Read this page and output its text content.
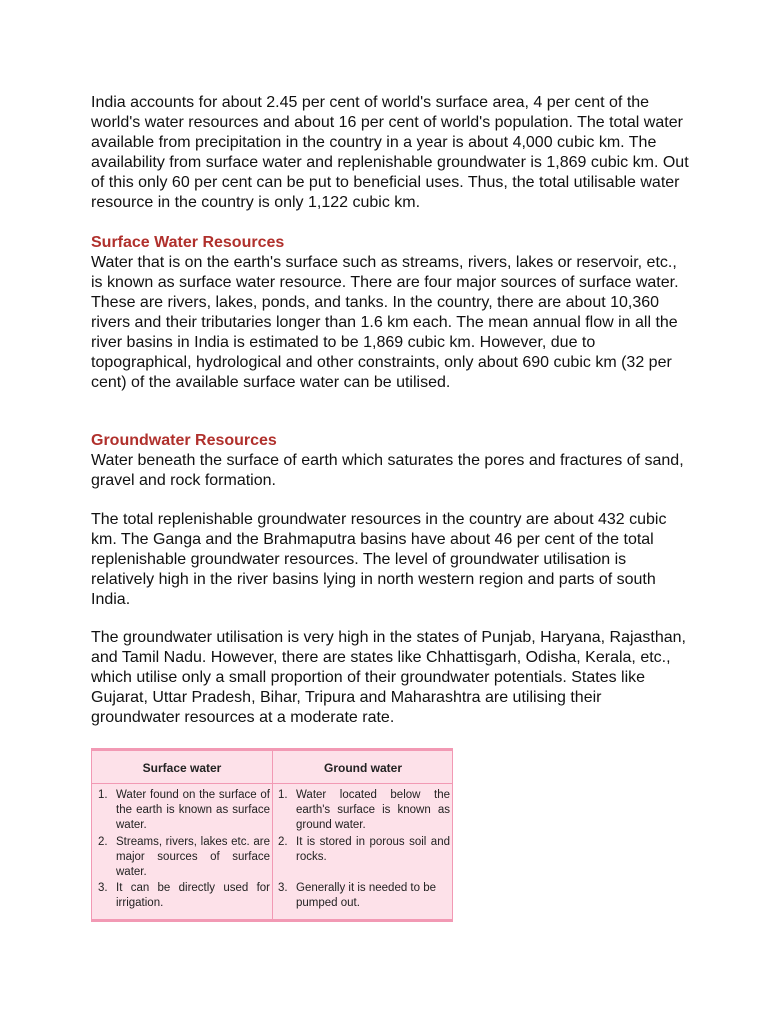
India accounts for about 2.45 per cent of world's surface area, 4 per cent of the world's water resources and about 16 per cent of world's population. The total water available from precipitation in the country in a year is about 4,000 cubic km. The availability from surface water and replenishable groundwater is 1,869 cubic km. Out of this only 60 per cent can be put to beneficial uses. Thus, the total utilisable water resource in the country is only 1,122 cubic km.

Surface Water Resources

Water that is on the earth's surface such as streams, rivers, lakes or reservoir, etc., is known as surface water resource. There are four major sources of surface water. These are rivers, lakes, ponds, and tanks. In the country, there are about 10,360 rivers and their tributaries longer than 1.6 km each. The mean annual flow in all the river basins in India is estimated to be 1,869 cubic km. However, due to topographical, hydrological and other constraints, only about 690 cubic km (32 per cent) of the available surface water can be utilised.

Groundwater Resources

Water beneath the surface of earth which saturates the pores and fractures of sand, gravel and rock formation.

The total replenishable groundwater resources in the country are about 432 cubic km. The Ganga and the Brahmaputra basins have about 46 per cent of the total replenishable groundwater resources. The level of groundwater utilisation is relatively high in the river basins lying in north western region and parts of south India.

The groundwater utilisation is very high in the states of Punjab, Haryana, Rajasthan, and Tamil Nadu. However, there are states like Chhattisgarh, Odisha, Kerala, etc., which utilise only a small proportion of their groundwater potentials. States like Gujarat, Uttar Pradesh, Bihar, Tripura and Maharashtra are utilising their groundwater resources at a moderate rate.

Surface water	Ground water
1. Water found on the surface of the earth is known as surface water.
2. Streams, rivers, lakes etc. are major sources of surface water.
3. It can be directly used for irrigation.
1. Water located below the earth's surface is known as ground water.
2. It is stored in porous soil and rocks.
3. Generally it is needed to be pumped out.
